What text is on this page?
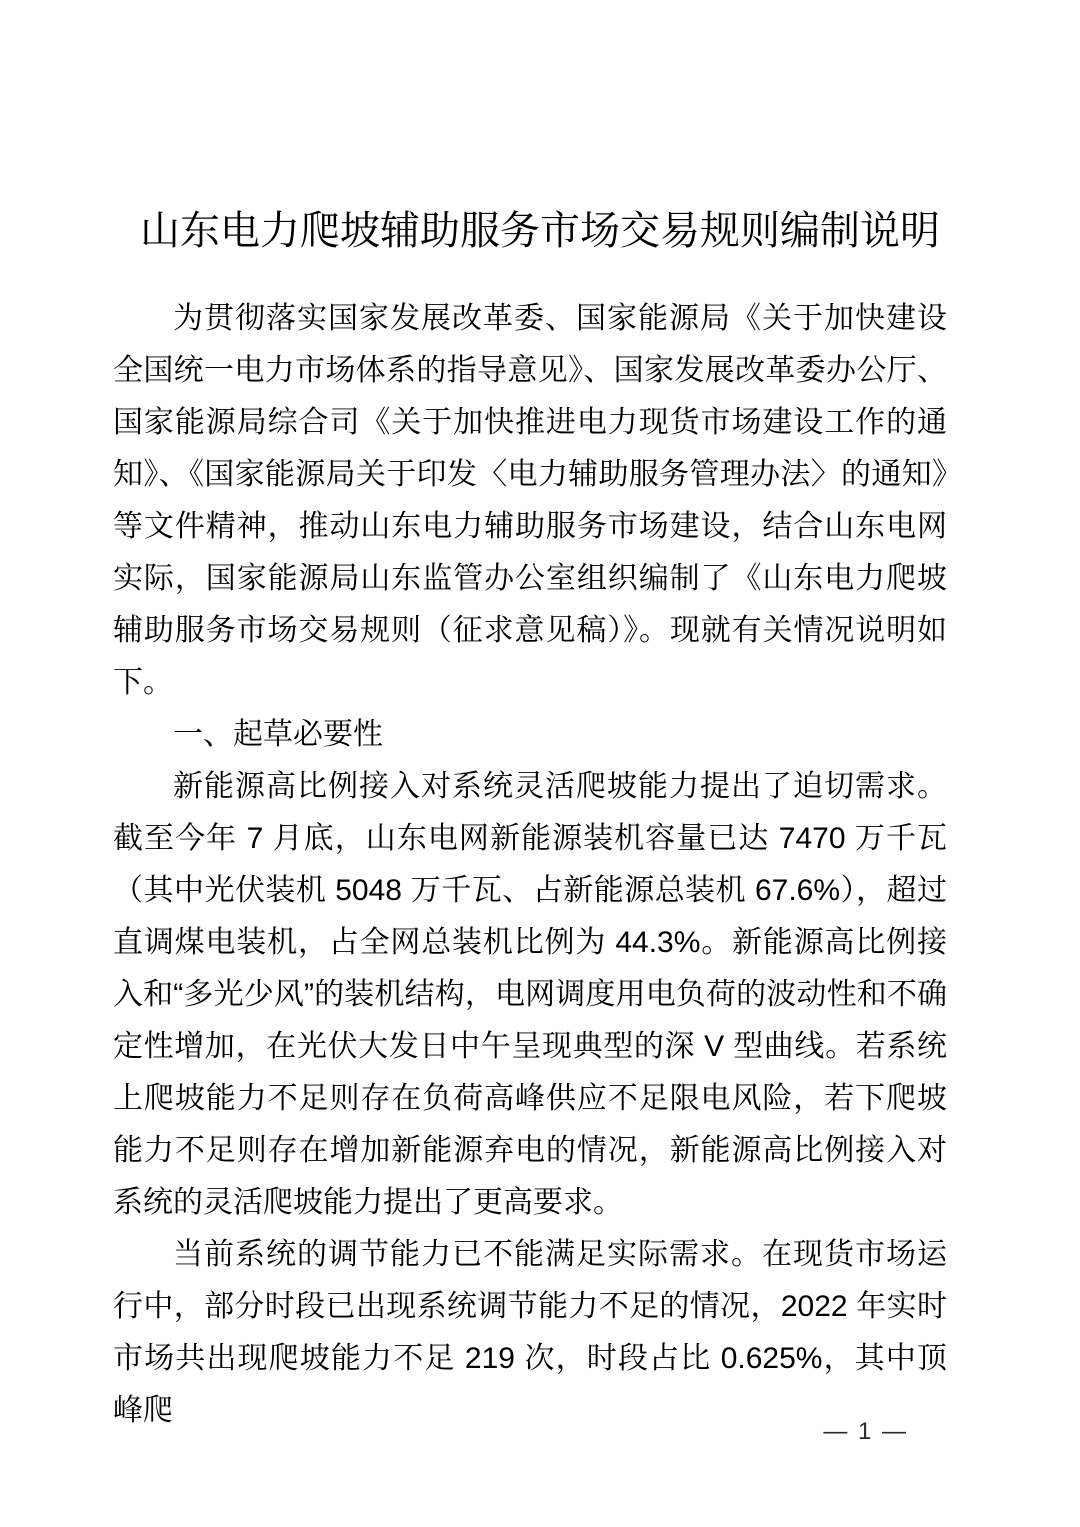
山东电力爬坡辅助服务市场交易规则编制说明

为贯彻落实国家发展改革委、国家能源局《关于加快建设全国统一电力市场体系的指导意见》、国家发展改革委办公厅、国家能源局综合司《关于加快推进电力现货市场建设工作的通知》、《国家能源局关于印发〈电力辅助服务管理办法〉的通知》等文件精神，推动山东电力辅助服务市场建设，结合山东电网实际，国家能源局山东监管办公室组织编制了《山东电力爬坡辅助服务市场交易规则（征求意见稿）》。现就有关情况说明如下。

一、起草必要性

新能源高比例接入对系统灵活爬坡能力提出了迫切需求。截至今年 7 月底，山东电网新能源装机容量已达 7470 万千瓦（其中光伏装机 5048 万千瓦、占新能源总装机 67.6%），超过直调煤电装机，占全网总装机比例为 44.3%。新能源高比例接入和“多光少风”的装机结构，电网调度用电负荷的波动性和不确定性增加，在光伏大发日中午呈现典型的深 V 型曲线。若系统上爬坡能力不足则存在负荷高峰供应不足限电风险，若下爬坡能力不足则存在增加新能源弃电的情况，新能源高比例接入对系统的灵活爬坡能力提出了更高要求。

当前系统的调节能力已不能满足实际需求。在现货市场运行中，部分时段已出现系统调节能力不足的情况，2022 年实时市场共出现爬坡能力不足 219 次，时段占比 0.625%，其中顶峰爬

— 1 —
